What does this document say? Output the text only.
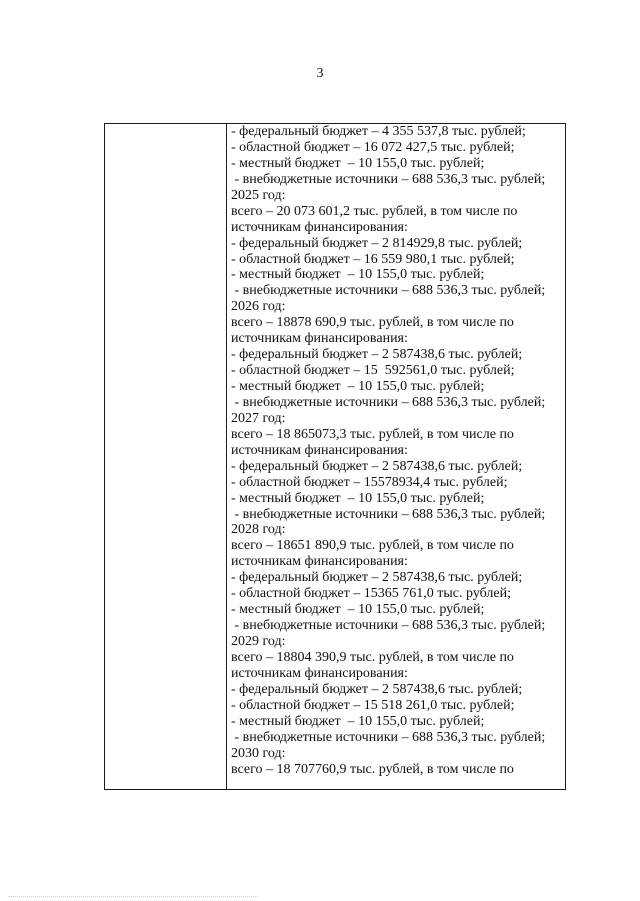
3
- федеральный бюджет – 4 355 537,8 тыс. рублей;
- областной бюджет – 16 072 427,5 тыс. рублей;
- местный бюджет  – 10 155,0 тыс. рублей;
- внебюджетные источники – 688 536,3 тыс. рублей;
2025 год:
всего – 20 073 601,2 тыс. рублей, в том числе по
источникам финансирования:
- федеральный бюджет – 2 814929,8 тыс. рублей;
- областной бюджет – 16 559 980,1 тыс. рублей;
- местный бюджет  – 10 155,0 тыс. рублей;
- внебюджетные источники – 688 536,3 тыс. рублей;
2026 год:
всего – 18878 690,9 тыс. рублей, в том числе по
источникам финансирования:
- федеральный бюджет – 2 587438,6 тыс. рублей;
- областной бюджет – 15  592561,0 тыс. рублей;
- местный бюджет  – 10 155,0 тыс. рублей;
- внебюджетные источники – 688 536,3 тыс. рублей;
2027 год:
всего – 18 865073,3 тыс. рублей, в том числе по
источникам финансирования:
- федеральный бюджет – 2 587438,6 тыс. рублей;
- областной бюджет – 15578934,4 тыс. рублей;
- местный бюджет  – 10 155,0 тыс. рублей;
- внебюджетные источники – 688 536,3 тыс. рублей;
2028 год:
всего – 18651 890,9 тыс. рублей, в том числе по
источникам финансирования:
- федеральный бюджет – 2 587438,6 тыс. рублей;
- областной бюджет – 15365 761,0 тыс. рублей;
- местный бюджет  – 10 155,0 тыс. рублей;
- внебюджетные источники – 688 536,3 тыс. рублей;
2029 год:
всего – 18804 390,9 тыс. рублей, в том числе по
источникам финансирования:
- федеральный бюджет – 2 587438,6 тыс. рублей;
- областной бюджет – 15 518 261,0 тыс. рублей;
- местный бюджет  – 10 155,0 тыс. рублей;
- внебюджетные источники – 688 536,3 тыс. рублей;
2030 год:
всего – 18 707760,9 тыс. рублей, в том числе по
